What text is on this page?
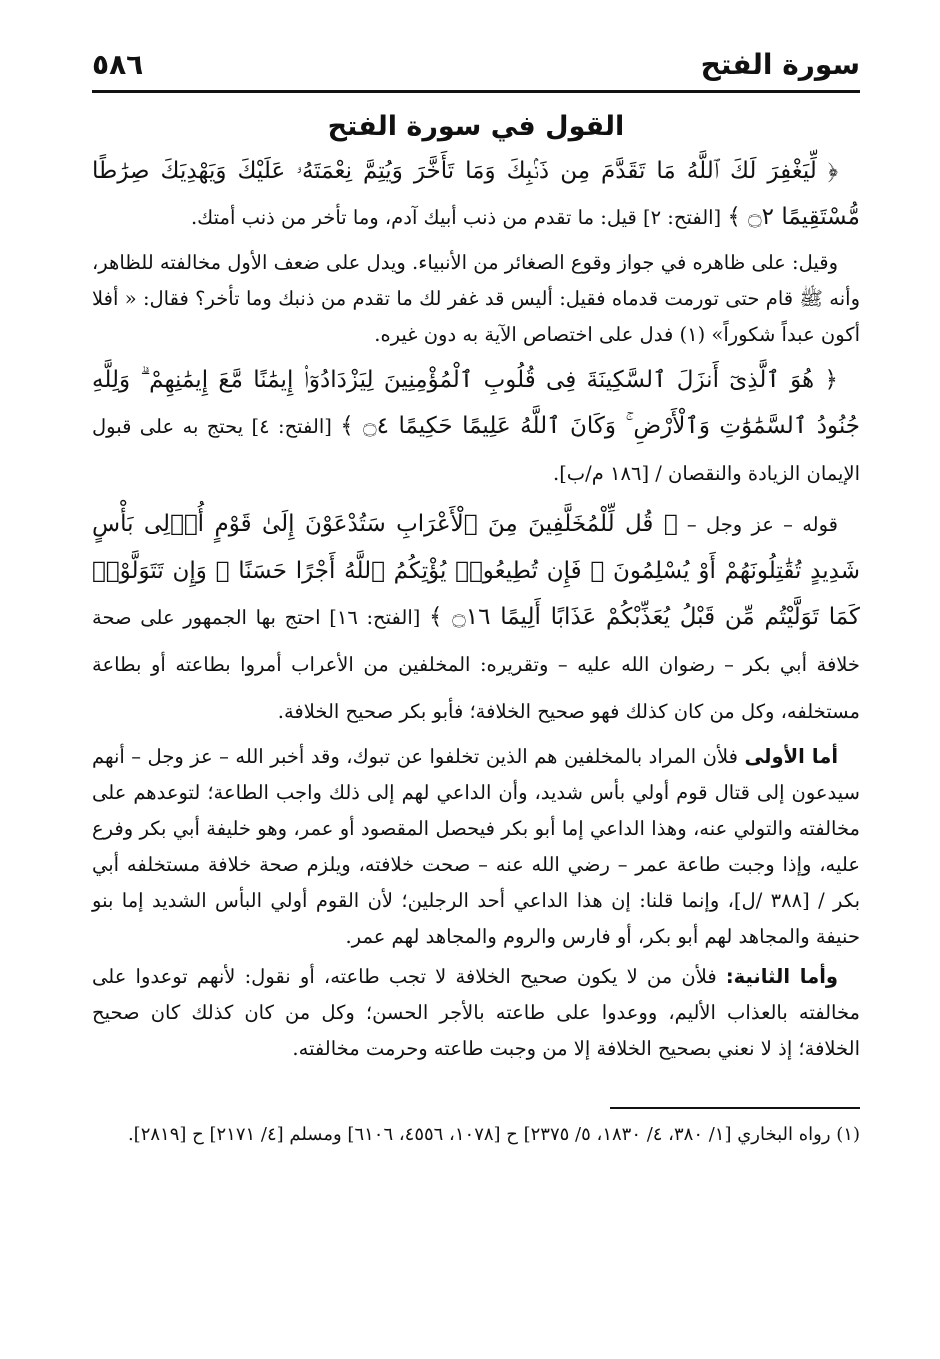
سورة الفتح
٥٨٦
القول في سورة الفتح

﴿ لِّيَغْفِرَ لَكَ ٱللَّهُ مَا تَقَدَّمَ مِن ذَنۢبِكَ وَمَا تَأَخَّرَ وَيُتِمَّ نِعْمَتَهُۥ عَلَيْكَ وَيَهْدِيَكَ صِرَٰطًا مُّسْتَقِيمًا ۝٢ ﴾ [الفتح: ٢] قيل: ما تقدم من ذنب أبيك آدم، وما تأخر من ذنب أمتك.

وقيل: على ظاهره في جواز وقوع الصغائر من الأنبياء. ويدل على ضعف الأول مخالفته للظاهر، وأنه ﷺ قام حتى تورمت قدماه فقيل: أليس قد غفر لك ما تقدم من ذنبك وما تأخر؟ فقال: « أفلا أكون عبداً شكوراً» (١) فدل على اختصاص الآية به دون غيره.

﴿ هُوَ ٱلَّذِىٓ أَنزَلَ ٱلسَّكِينَةَ فِى قُلُوبِ ٱلْمُؤْمِنِينَ لِيَزْدَادُوٓا۟ إِيمَٰنًا مَّعَ إِيمَٰنِهِمْ ۗ وَلِلَّهِ جُنُودُ ٱلسَّمَٰوَٰتِ وَٱلْأَرْضِ ۚ وَكَانَ ٱللَّهُ عَلِيمًا حَكِيمًا ۝٤ ﴾ [الفتح: ٤] يحتج به على قبول الإيمان الزيادة والنقصان / [١٨٦ م/ب].

قوله – عز وجل – ﴿ قُل لِّلْمُخَلَّفِينَ مِنَ ٱلْأَعْرَابِ سَتُدْعَوْنَ إِلَىٰ قَوْمٍ أُو۟لِى بَأْسٍ شَدِيدٍ تُقَٰتِلُونَهُمْ أَوْ يُسْلِمُونَ ۖ فَإِن تُطِيعُوا۟ يُؤْتِكُمُ ٱللَّهُ أَجْرًا حَسَنًا ۖ وَإِن تَتَوَلَّوْا۟ كَمَا تَوَلَّيْتُم مِّن قَبْلُ يُعَذِّبْكُمْ عَذَابًا أَلِيمًا ۝١٦ ﴾ [الفتح: ١٦] احتج بها الجمهور على صحة خلافة أبي بكر – رضوان الله عليه – وتقريره: المخلفين من الأعراب أمروا بطاعته أو بطاعة مستخلفه، وكل من كان كذلك فهو صحيح الخلافة؛ فأبو بكر صحيح الخلافة.

أما الأولى فلأن المراد بالمخلفين هم الذين تخلفوا عن تبوك، وقد أخبر الله – عز وجل – أنهم سيدعون إلى قتال قوم أولي بأس شديد، وأن الداعي لهم إلى ذلك واجب الطاعة؛ لتوعدهم على مخالفته والتولي عنه، وهذا الداعي إما أبو بكر فيحصل المقصود أو عمر، وهو خليفة أبي بكر وفرع عليه، وإذا وجبت طاعة عمر – رضي الله عنه – صحت خلافته، ويلزم صحة خلافة مستخلفه أبي بكر / [٣٨٨ /ل]، وإنما قلنا: إن هذا الداعي أحد الرجلين؛ لأن القوم أولي البأس الشديد إما بنو حنيفة والمجاهد لهم أبو بكر، أو فارس والروم والمجاهد لهم عمر.

وأما الثانية: فلأن من لا يكون صحيح الخلافة لا تجب طاعته، أو نقول: لأنهم توعدوا على مخالفته بالعذاب الأليم، ووعدوا على طاعته بالأجر الحسن؛ وكل من كان كذلك كان صحيح الخلافة؛ إذ لا نعني بصحيح الخلافة إلا من وجبت طاعته وحرمت مخالفته.

(١) رواه البخاري [١/ ٣٨٠، ٤/ ١٨٣٠، ٥/ ٢٣٧٥] ح [١٠٧٨، ٤٥٥٦، ٦١٠٦] ومسلم [٤/ ٢١٧١] ح [٢٨١٩].
